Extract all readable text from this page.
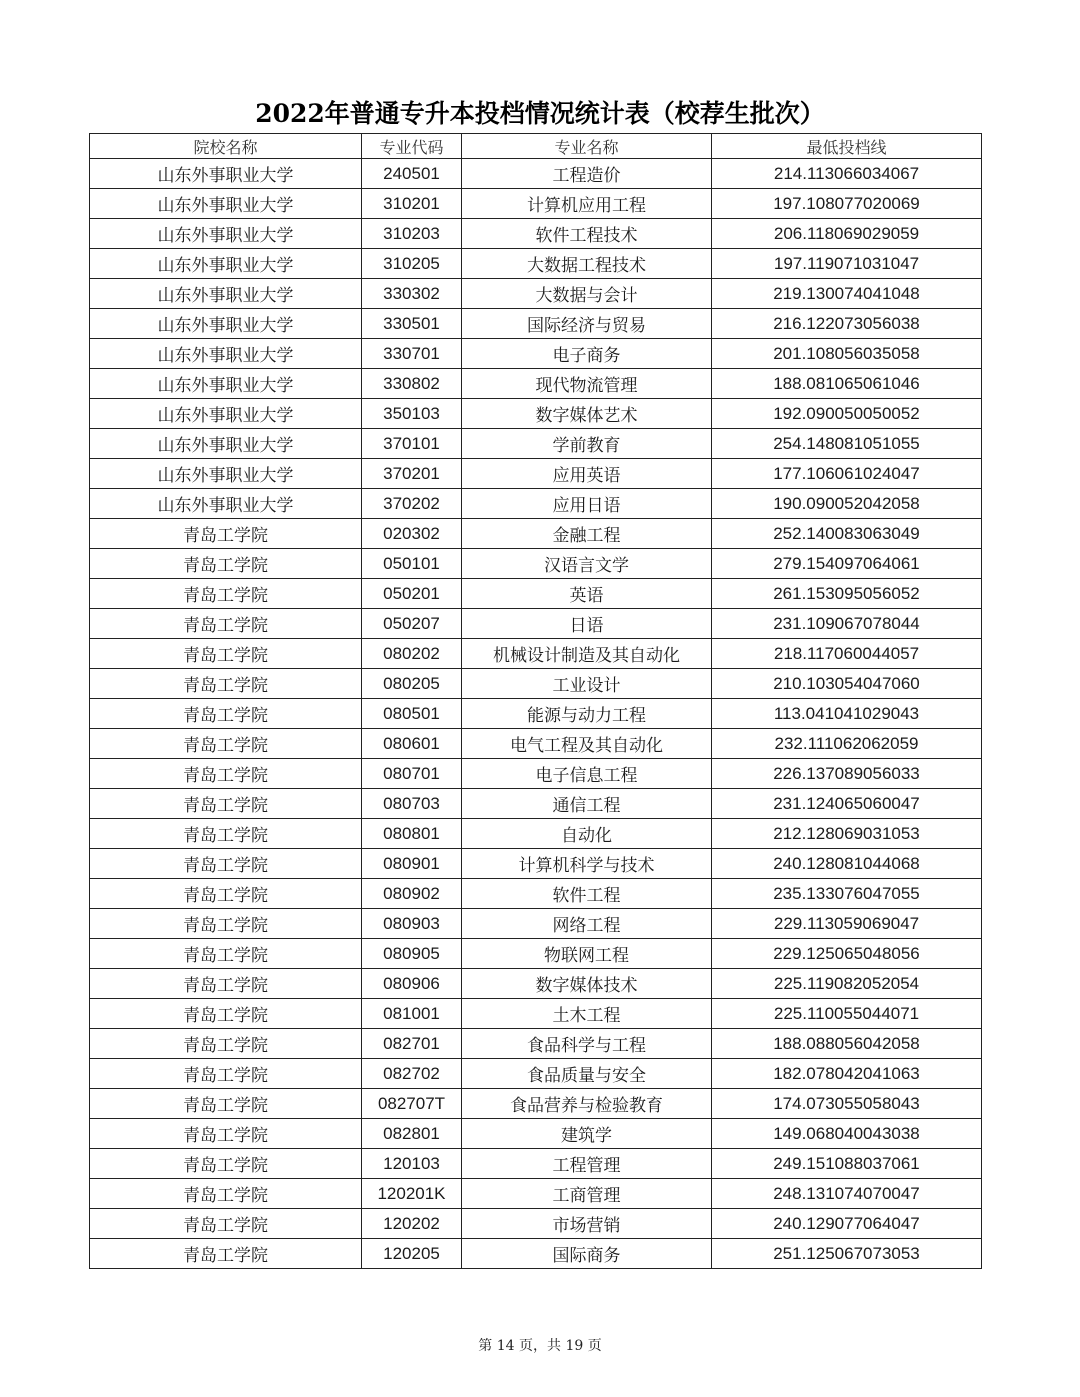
2022年普通专升本投档情况统计表（校荐生批次）
院校名称	专业代码	专业名称	最低投档线
山东外事职业大学	240501	工程造价	214.113066034067
山东外事职业大学	310201	计算机应用工程	197.108077020069
山东外事职业大学	310203	软件工程技术	206.118069029059
山东外事职业大学	310205	大数据工程技术	197.119071031047
山东外事职业大学	330302	大数据与会计	219.130074041048
山东外事职业大学	330501	国际经济与贸易	216.122073056038
山东外事职业大学	330701	电子商务	201.108056035058
山东外事职业大学	330802	现代物流管理	188.081065061046
山东外事职业大学	350103	数字媒体艺术	192.090050050052
山东外事职业大学	370101	学前教育	254.148081051055
山东外事职业大学	370201	应用英语	177.106061024047
山东外事职业大学	370202	应用日语	190.090052042058
青岛工学院	020302	金融工程	252.140083063049
青岛工学院	050101	汉语言文学	279.154097064061
青岛工学院	050201	英语	261.153095056052
青岛工学院	050207	日语	231.109067078044
青岛工学院	080202	机械设计制造及其自动化	218.117060044057
青岛工学院	080205	工业设计	210.103054047060
青岛工学院	080501	能源与动力工程	113.041041029043
青岛工学院	080601	电气工程及其自动化	232.111062062059
青岛工学院	080701	电子信息工程	226.137089056033
青岛工学院	080703	通信工程	231.124065060047
青岛工学院	080801	自动化	212.128069031053
青岛工学院	080901	计算机科学与技术	240.128081044068
青岛工学院	080902	软件工程	235.133076047055
青岛工学院	080903	网络工程	229.113059069047
青岛工学院	080905	物联网工程	229.125065048056
青岛工学院	080906	数字媒体技术	225.119082052054
青岛工学院	081001	土木工程	225.110055044071
青岛工学院	082701	食品科学与工程	188.088056042058
青岛工学院	082702	食品质量与安全	182.078042041063
青岛工学院	082707T	食品营养与检验教育	174.073055058043
青岛工学院	082801	建筑学	149.068040043038
青岛工学院	120103	工程管理	249.151088037061
青岛工学院	120201K	工商管理	248.131074070047
青岛工学院	120202	市场营销	240.129077064047
青岛工学院	120205	国际商务	251.125067073053
第 14 页，共 19 页
